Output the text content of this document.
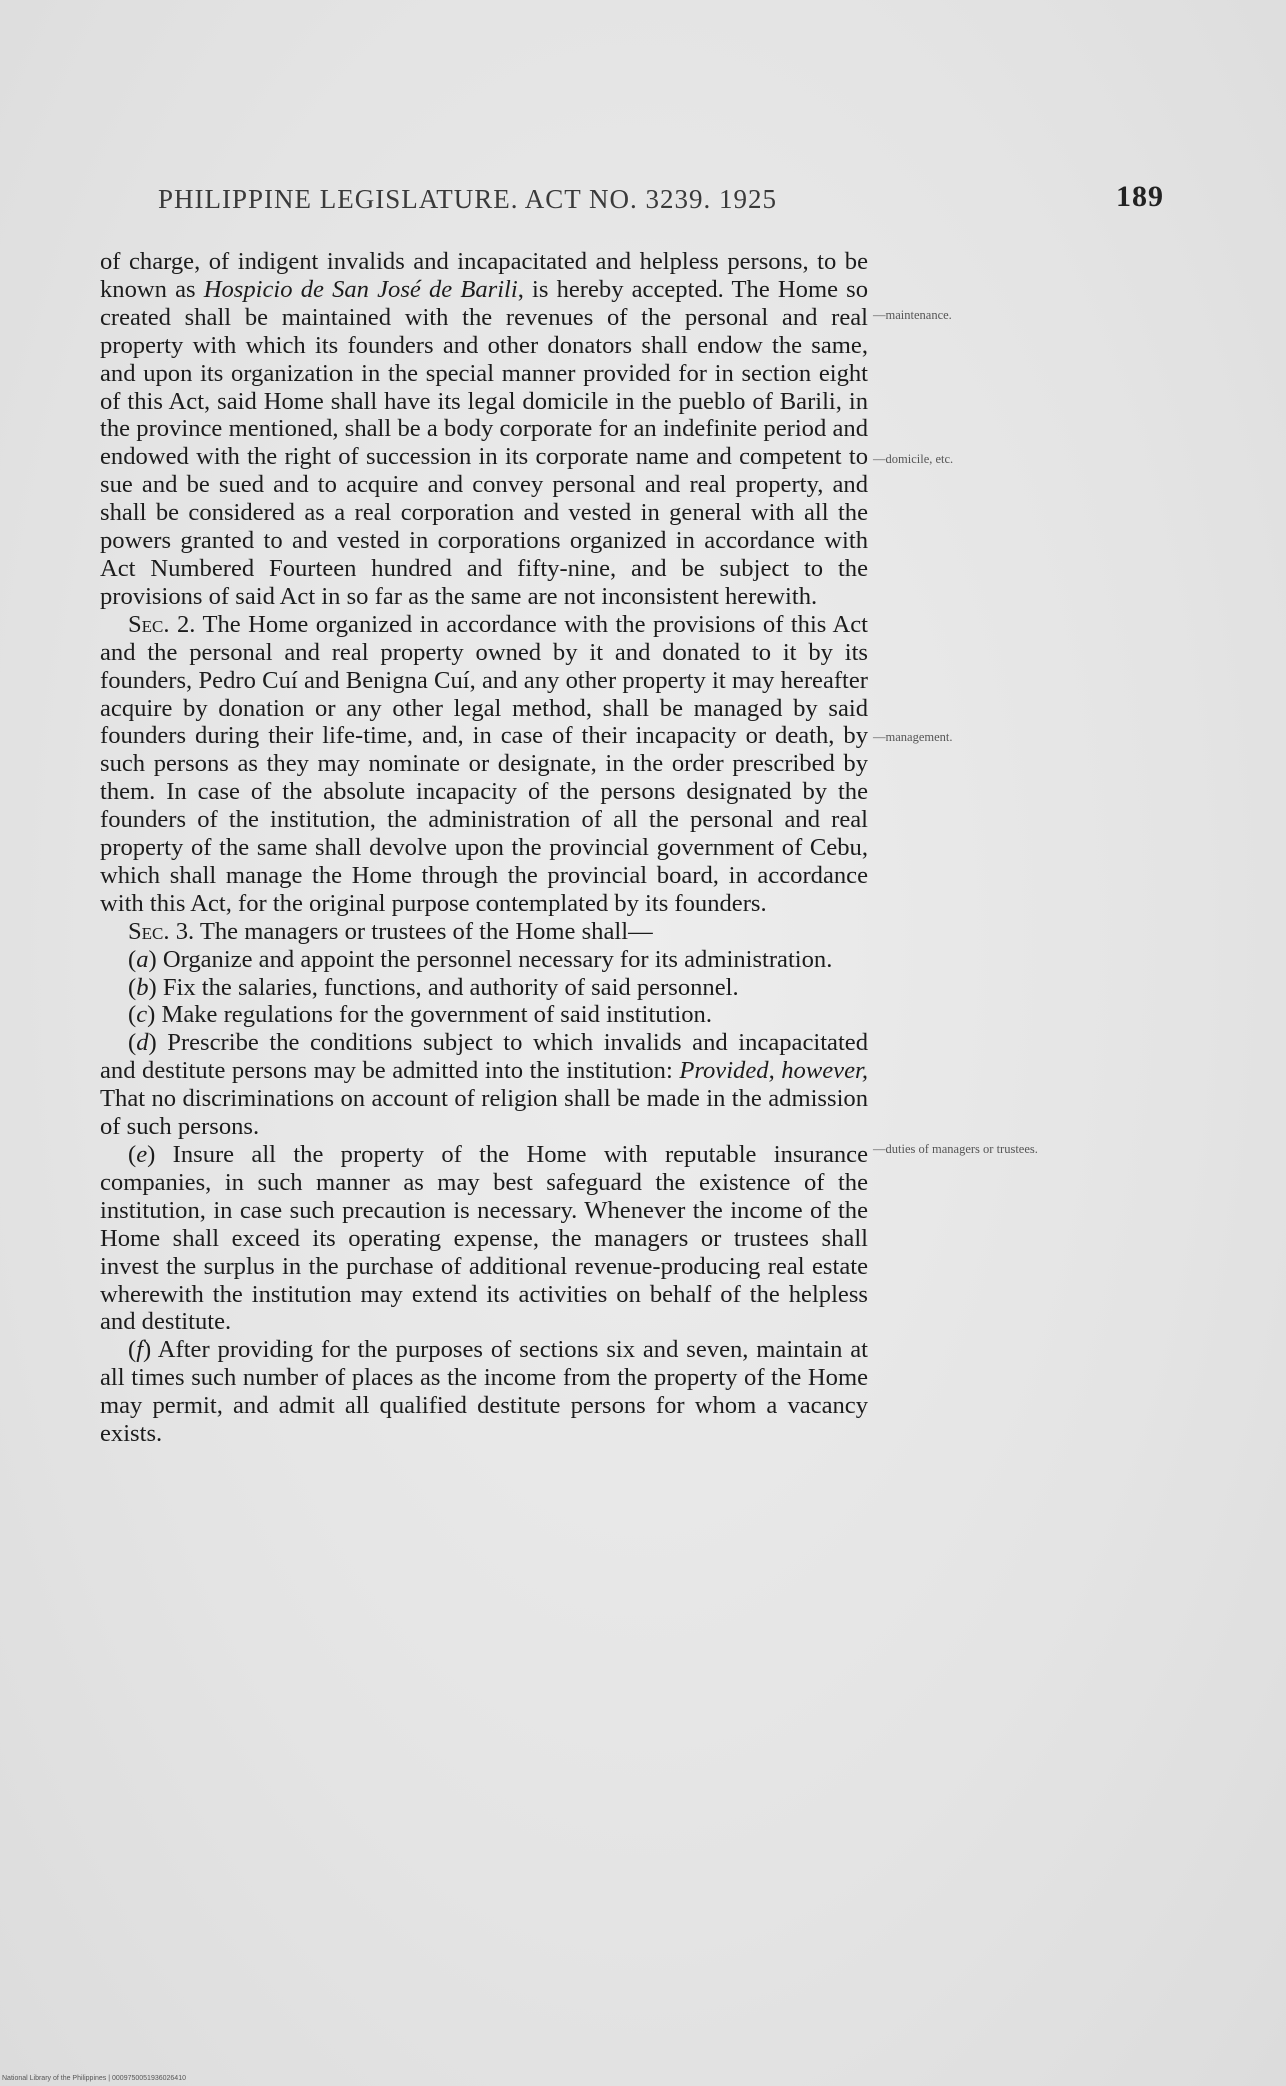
PHILIPPINE LEGISLATURE. ACT NO. 3239. 1925	189

of charge, of indigent invalids and incapacitated and helpless persons, to be known as Hospicio de San José de Barili, is hereby accepted. The Home so created shall be maintained with the revenues of the personal and real property with which its founders and other donators shall endow the same, and upon its organization in the special manner provided for in section eight of this Act, said Home shall have its legal domicile in the pueblo of Barili, in the province mentioned, shall be a body corporate for an indefinite period and endowed with the right of succession in its corporate name and competent to sue and be sued and to acquire and convey personal and real property, and shall be considered as a real corporation and vested in general with all the powers granted to and vested in corporations organized in accordance with Act Numbered Fourteen hundred and fifty-nine, and be subject to the provisions of said Act in so far as the same are not inconsistent herewith.

Sec. 2. The Home organized in accordance with the provisions of this Act and the personal and real property owned by it and donated to it by its founders, Pedro Cuí and Benigna Cuí, and any other property it may hereafter acquire by donation or any other legal method, shall be managed by said founders during their life-time, and, in case of their incapacity or death, by such persons as they may nominate or designate, in the order prescribed by them. In case of the absolute incapacity of the persons designated by the founders of the institution, the administration of all the personal and real property of the same shall devolve upon the provincial government of Cebu, which shall manage the Home through the provincial board, in accordance with this Act, for the original purpose contemplated by its founders.

Sec. 3. The managers or trustees of the Home shall—

(a) Organize and appoint the personnel necessary for its administration.

(b) Fix the salaries, functions, and authority of said personnel.

(c) Make regulations for the government of said institution.

(d) Prescribe the conditions subject to which invalids and incapacitated and destitute persons may be admitted into the institution: Provided, however, That no discriminations on account of religion shall be made in the admission of such persons.

(e) Insure all the property of the Home with reputable insurance companies, in such manner as may best safeguard the existence of the institution, in case such precaution is necessary. Whenever the income of the Home shall exceed its operating expense, the managers or trustees shall invest the surplus in the purchase of additional revenue-producing real estate wherewith the institution may extend its activities on behalf of the helpless and destitute.

(f) After providing for the purposes of sections six and seven, maintain at all times such number of places as the income from the property of the Home may permit, and admit all qualified destitute persons for whom a vacancy exists.

—maintenance.
—domicile, etc.
—management.
—duties of managers or trustees.
National Library of the Philippines| 0009750051936026410
